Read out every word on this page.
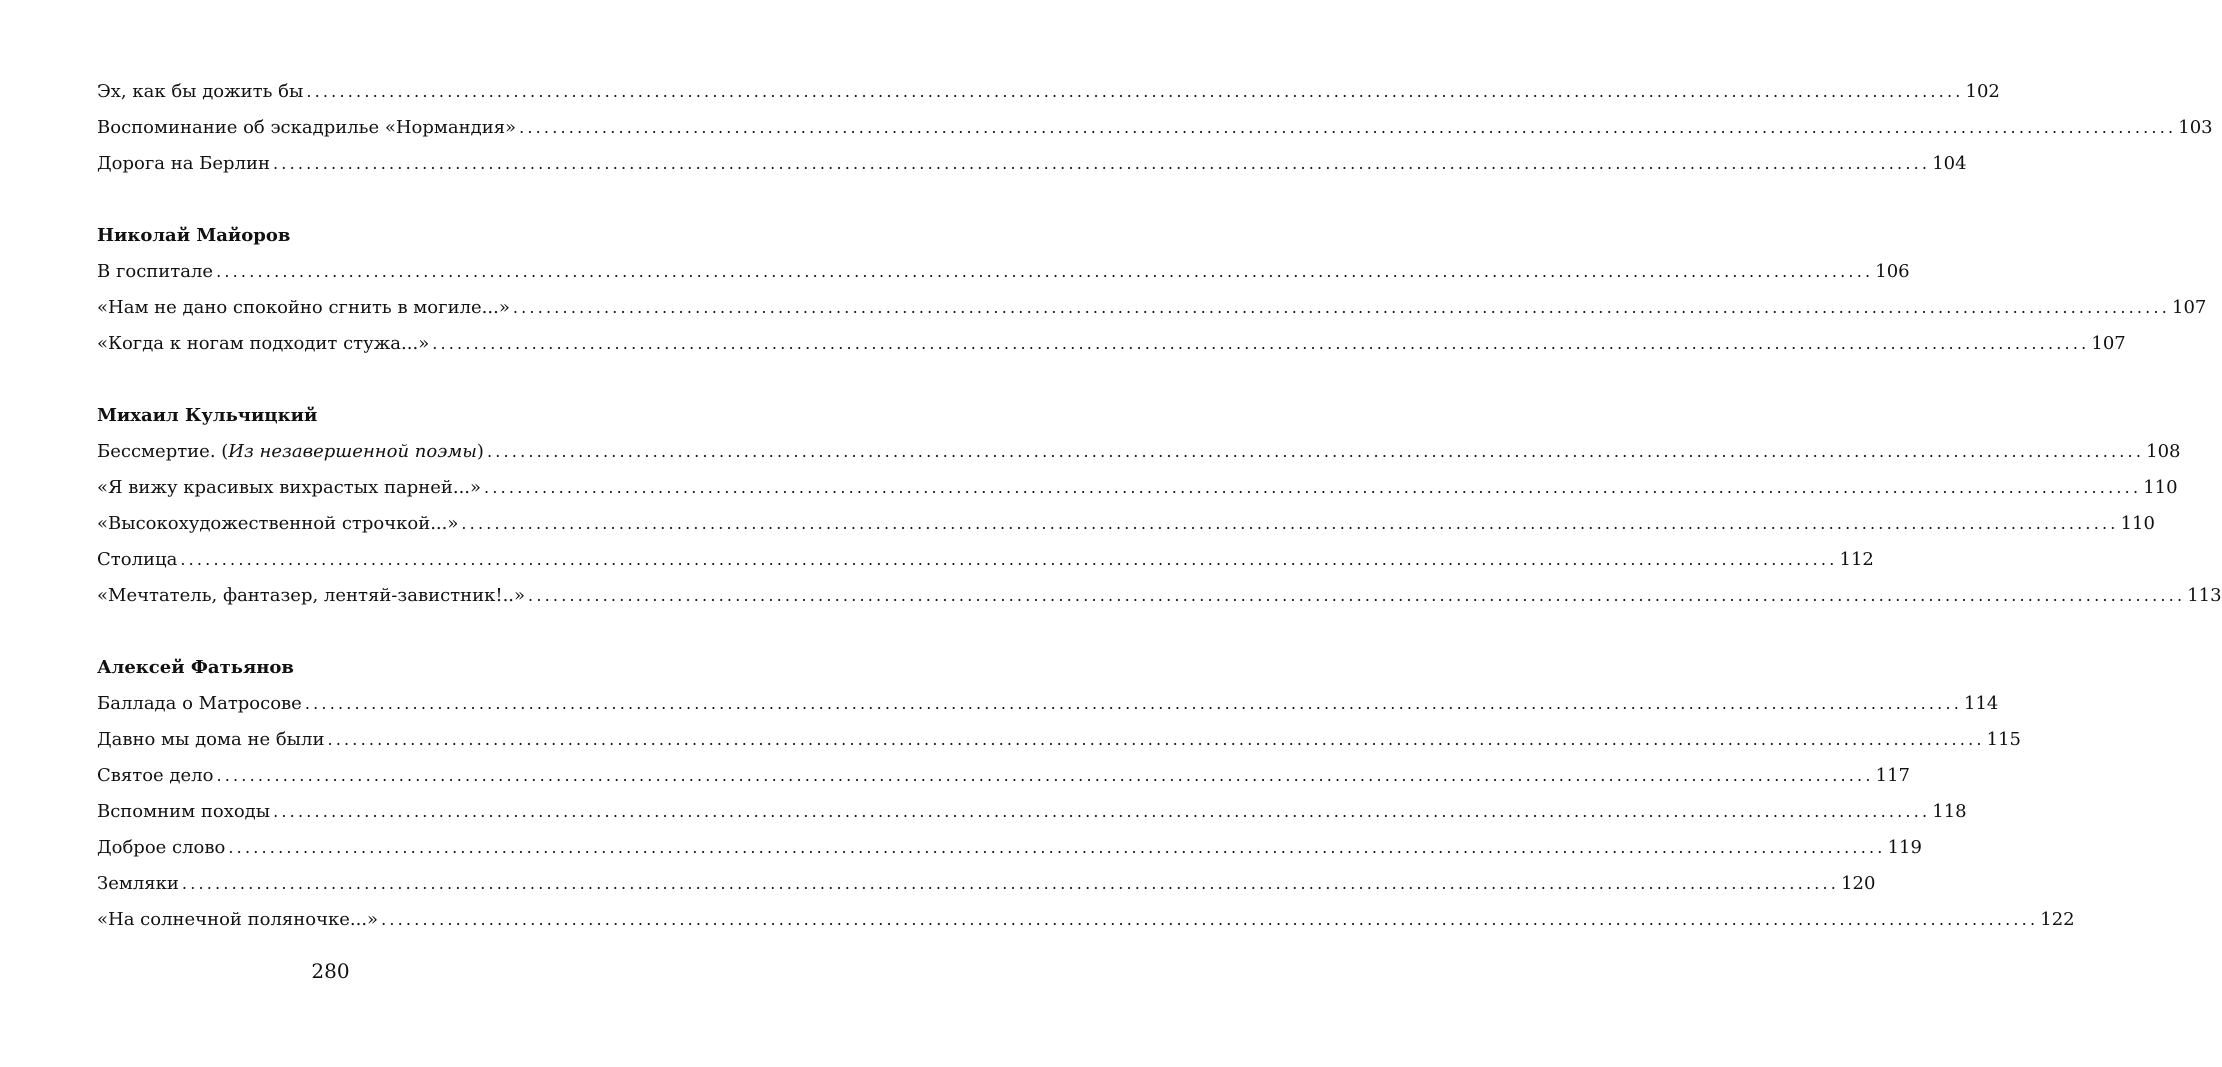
Эх, как бы дожить бы ........................................................................................................................................................................................................ 102
Воспоминание об эскадрилье «Нормандия» ........................................................................................................................................................................................................ 103
Дорога на Берлин ........................................................................................................................................................................................................ 104
Николай Майоров
В госпитале ........................................................................................................................................................................................................ 106
«Нам не дано спокойно сгнить в могиле...» ........................................................................................................................................................................................................ 107
«Когда к ногам подходит стужа...» ........................................................................................................................................................................................................ 107
Михаил Кульчицкий
Бессмертие. (Из незавершенной поэмы) ........................................................................................................................................................................................................ 108
«Я вижу красивых вихрастых парней...» ........................................................................................................................................................................................................ 110
«Высокохудожественной строчкой...» ........................................................................................................................................................................................................ 110
Столица ........................................................................................................................................................................................................ 112
«Мечтатель, фантазер, лентяй-завистник!..» ........................................................................................................................................................................................................ 113
Алексей Фатьянов
Баллада о Матросове ........................................................................................................................................................................................................ 114
Давно мы дома не были ........................................................................................................................................................................................................ 115
Святое дело ........................................................................................................................................................................................................ 117
Вспомним походы ........................................................................................................................................................................................................ 118
Доброе слово ........................................................................................................................................................................................................ 119
Земляки ........................................................................................................................................................................................................ 120
«На солнечной поляночке...» ........................................................................................................................................................................................................ 122
280
